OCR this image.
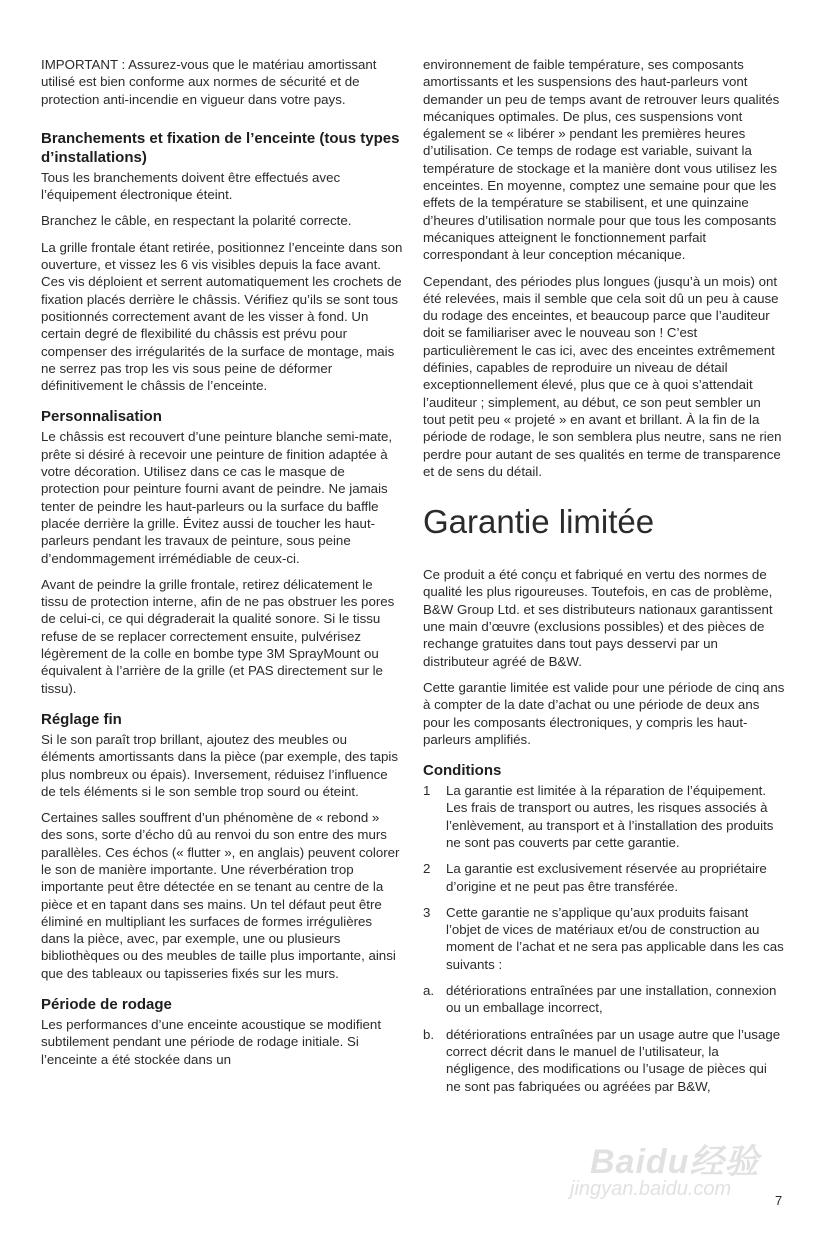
IMPORTANT : Assurez-vous que le matériau amortissant utilisé est bien conforme aux normes de sécurité et de protection anti-incendie en vigueur dans votre pays.

Branchements et fixation de l’enceinte (tous types d’installations)

Tous les branchements doivent être effectués avec l’équipement électronique éteint.

Branchez le câble, en respectant la polarité correcte.

La grille frontale étant retirée, positionnez l’enceinte dans son ouverture, et vissez les 6 vis visibles depuis la face avant. Ces vis déploient et serrent automatiquement les crochets de fixation placés derrière le châssis. Vérifiez qu’ils se sont tous positionnés correctement avant de les visser à fond. Un certain degré de flexibilité du châssis est prévu pour compenser des irrégularités de la surface de montage, mais ne serrez pas trop les vis sous peine de déformer définitivement le châssis de l’enceinte.

Personnalisation

Le châssis est recouvert d’une peinture blanche semi-mate, prête si désiré à recevoir une peinture de finition adaptée à votre décoration. Utilisez dans ce cas le masque de protection pour peinture fourni avant de peindre. Ne jamais tenter de peindre les haut-parleurs ou la surface du baffle placée derrière la grille. Évitez aussi de toucher les haut-parleurs pendant les travaux de peinture, sous peine d’endommagement irrémédiable de ceux-ci.

Avant de peindre la grille frontale, retirez délicatement le tissu de protection interne, afin de ne pas obstruer les pores de celui-ci, ce qui dégraderait la qualité sonore. Si le tissu refuse de se replacer correctement ensuite, pulvérisez légèrement de la colle en bombe type 3M SprayMount ou équivalent à l’arrière de la grille (et PAS directement sur le tissu).

Réglage fin

Si le son paraît trop brillant, ajoutez des meubles ou éléments amortissants dans la pièce (par exemple, des tapis plus nombreux ou épais). Inversement, réduisez l’influence de tels éléments si le son semble trop sourd ou éteint.

Certaines salles souffrent d’un phénomène de « rebond » des sons, sorte d’écho dû au renvoi du son entre des murs parallèles. Ces échos (« flutter », en anglais) peuvent colorer le son de manière importante. Une réverbération trop importante peut être détectée en se tenant au centre de la pièce et en tapant dans ses mains. Un tel défaut peut être éliminé en multipliant les surfaces de formes irrégulières dans la pièce, avec, par exemple, une ou plusieurs bibliothèques ou des meubles de taille plus importante, ainsi que des tableaux ou tapisseries fixés sur les murs.

Période de rodage

Les performances d’une enceinte acoustique se modifient subtilement pendant une période de rodage initiale. Si l’enceinte a été stockée dans un

environnement de faible température, ses composants amortissants et les suspensions des haut-parleurs vont demander un peu de temps avant de retrouver leurs qualités mécaniques optimales. De plus, ces suspensions vont également se « libérer » pendant les premières heures d’utilisation. Ce temps de rodage est variable, suivant la température de stockage et la manière dont vous utilisez les enceintes. En moyenne, comptez une semaine pour que les effets de la température se stabilisent, et une quinzaine d’heures d’utilisation normale pour que tous les composants mécaniques atteignent le fonctionnement parfait correspondant à leur conception mécanique.

Cependant, des périodes plus longues (jusqu’à un mois) ont été relevées, mais il semble que cela soit dû un peu à cause du rodage des enceintes, et beaucoup parce que l’auditeur doit se familiariser avec le nouveau son ! C’est particulièrement le cas ici, avec des enceintes extrêmement définies, capables de reproduire un niveau de détail exceptionnellement élevé, plus que ce à quoi s’attendait l’auditeur ; simplement, au début, ce son peut sembler un tout petit peu « projeté » en avant et brillant. À la fin de la période de rodage, le son semblera plus neutre, sans ne rien perdre pour autant de ses qualités en terme de transparence et de sens du détail.

Garantie limitée

Ce produit a été conçu et fabriqué en vertu des normes de qualité les plus rigoureuses. Toutefois, en cas de problème, B&W Group Ltd. et ses distributeurs nationaux garantissent une main d’œuvre (exclusions possibles) et des pièces de rechange gratuites dans tout pays desservi par un distributeur agréé de B&W.

Cette garantie limitée est valide pour une période de cinq ans à compter de la date d’achat ou une période de deux ans pour les composants électroniques, y compris les haut-parleurs amplifiés.

Conditions
1	La garantie est limitée à la réparation de l’équipement. Les frais de transport ou autres, les risques associés à l’enlèvement, au transport et à l’installation des produits ne sont pas couverts par cette garantie.
2	La garantie est exclusivement réservée au propriétaire d’origine et ne peut pas être transférée.
3	Cette garantie ne s’applique qu’aux produits faisant l’objet de vices de matériaux et/ou de construction au moment de l’achat et ne sera pas applicable dans les cas suivants :
a. détériorations entraînées par une installation, connexion ou un emballage incorrect,
b. détériorations entraînées par un usage autre que l’usage correct décrit dans le manuel de l’utilisateur, la négligence, des modifications ou l’usage de pièces qui ne sont pas fabriquées ou agréées par B&W,
Baidu经验
jingyan.baidu.com
7
